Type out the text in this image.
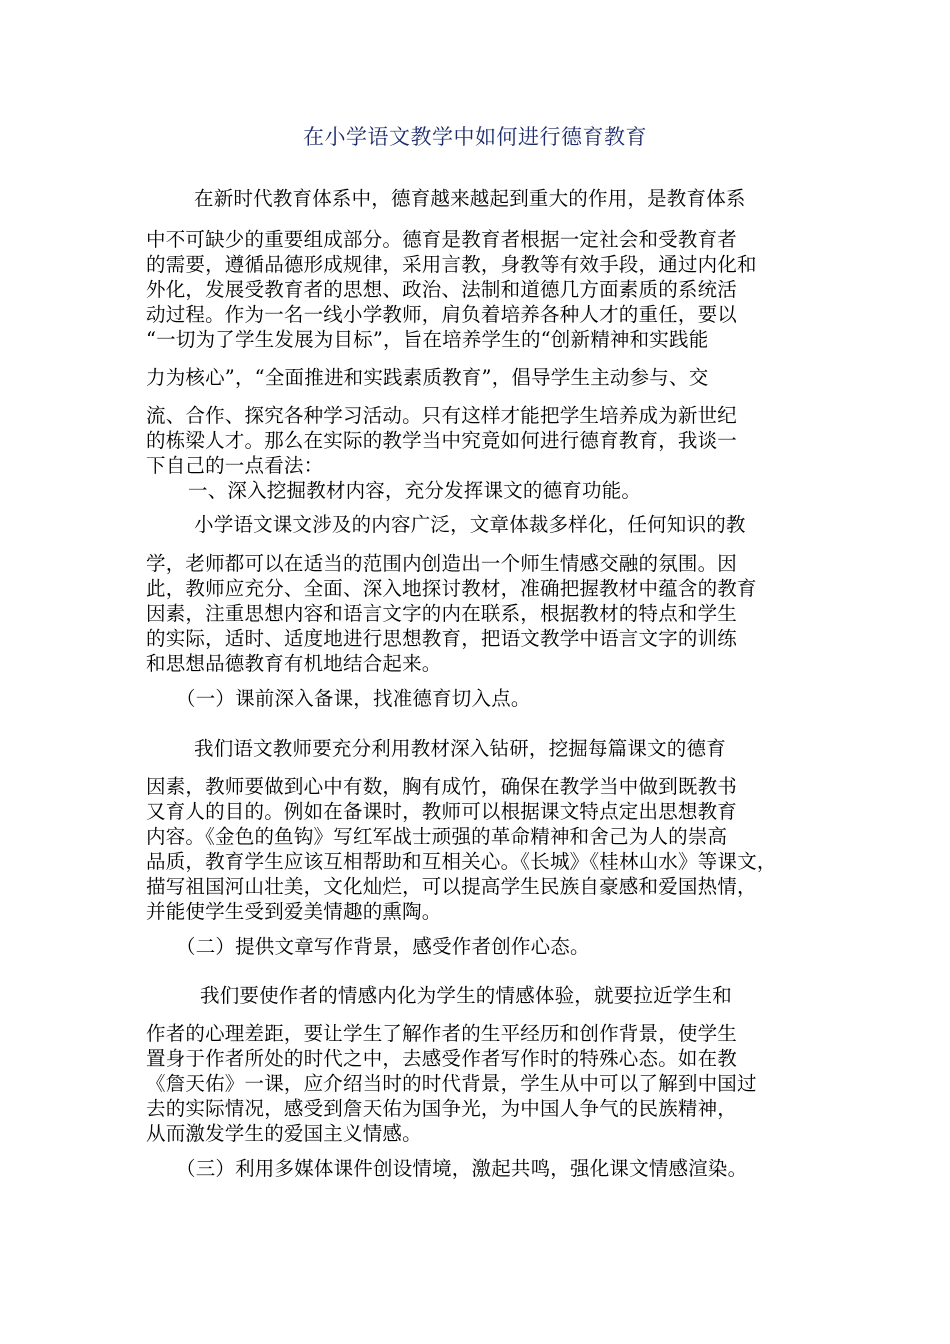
在小学语文教学中如何进行德育教育
在新时代教育体系中，德育越来越起到重大的作用，是教育体系
中不可缺少的重要组成部分。德育是教育者根据一定社会和受教育者
的需要，遵循品德形成规律，采用言教，身教等有效手段，通过内化和
外化，发展受教育者的思想、政治、法制和道德几方面素质的系统活
动过程。作为一名一线小学教师，肩负着培养各种人才的重任，要以
“一切为了学生发展为目标”，旨在培养学生的“创新精神和实践能
力为核心”，“全面推进和实践素质教育”，倡导学生主动参与、交
流、合作、探究各种学习活动。只有这样才能把学生培养成为新世纪
的栋梁人才。那么在实际的教学当中究竟如何进行德育教育，我谈一
下自己的一点看法：
一、深入挖掘教材内容，充分发挥课文的德育功能。
小学语文课文涉及的内容广泛，文章体裁多样化，任何知识的教
学，老师都可以在适当的范围内创造出一个师生情感交融的氛围。因
此，教师应充分、全面、深入地探讨教材，准确把握教材中蕴含的教育
因素，注重思想内容和语言文字的内在联系，根据教材的特点和学生
的实际，适时、适度地进行思想教育，把语文教学中语言文字的训练
和思想品德教育有机地结合起来。
（一）课前深入备课，找准德育切入点。
我们语文教师要充分利用教材深入钻研，挖掘每篇课文的德育
因素，教师要做到心中有数，胸有成竹，确保在教学当中做到既教书
又育人的目的。例如在备课时，教师可以根据课文特点定出思想教育
内容。《金色的鱼钩》写红军战士顽强的革命精神和舍己为人的崇高
品质，教育学生应该互相帮助和互相关心。《长城》《桂林山水》等课文，
描写祖国河山壮美，文化灿烂，可以提高学生民族自豪感和爱国热情，
并能使学生受到爱美情趣的熏陶。
（二）提供文章写作背景，感受作者创作心态。
我们要使作者的情感内化为学生的情感体验，就要拉近学生和
作者的心理差距，要让学生了解作者的生平经历和创作背景，使学生
置身于作者所处的时代之中，去感受作者写作时的特殊心态。如在教
《詹天佑》一课，应介绍当时的时代背景，学生从中可以了解到中国过
去的实际情况，感受到詹天佑为国争光，为中国人争气的民族精神，
从而激发学生的爱国主义情感。
（三）利用多媒体课件创设情境，激起共鸣，强化课文情感渲染。
